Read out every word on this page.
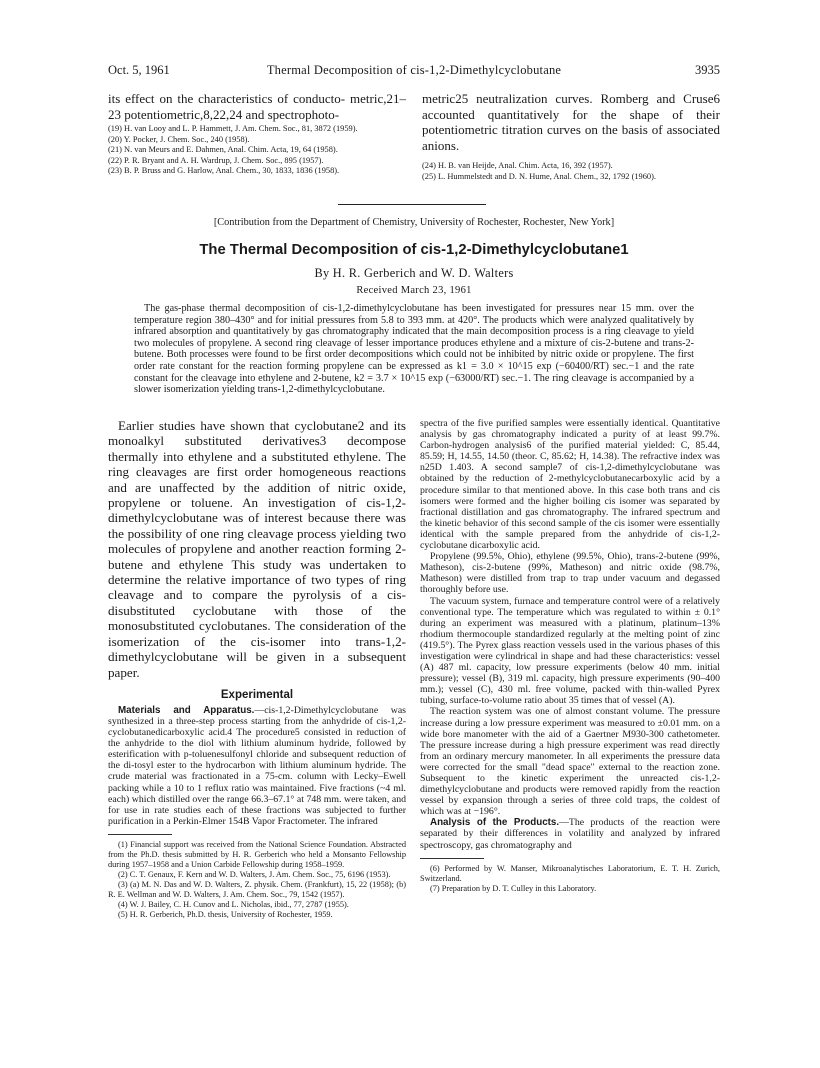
Oct. 5, 1961	Thermal Decomposition of cis-1,2-Dimethylcyclobutane	3935

its effect on the characteristics of conducto- metric,21–23 potentiometric,8,22,24 and spectrophoto-

(19) H. van Looy and L. P. Hammett, J. Am. Chem. Soc., 81, 3872 (1959).
(20) Y. Pocker, J. Chem. Soc., 240 (1958).
(21) N. van Meurs and E. Dahmen, Anal. Chim. Acta, 19, 64 (1958).
(22) P. R. Bryant and A. H. Wardrup, J. Chem. Soc., 895 (1957).
(23) B. P. Bruss and G. Harlow, Anal. Chem., 30, 1833, 1836 (1958).

metric25 neutralization curves. Romberg and Cruse6 accounted quantitatively for the shape of their potentiometric titration curves on the basis of associated anions.

(24) H. B. van Heijde, Anal. Chim. Acta, 16, 392 (1957).
(25) L. Hummelstedt and D. N. Hume, Anal. Chem., 32, 1792 (1960).
[Contribution from the Department of Chemistry, University of Rochester, Rochester, New York]
The Thermal Decomposition of cis-1,2-Dimethylcyclobutane1
By H. R. Gerberich and W. D. Walters
Received March 23, 1961

The gas-phase thermal decomposition of cis-1,2-dimethylcyclobutane has been investigated for pressures near 15 mm. over the temperature region 380–430° and for initial pressures from 5.8 to 393 mm. at 420°. The products which were analyzed qualitatively by infrared absorption and quantitatively by gas chromatography indicated that the main decomposition process is a ring cleavage to yield two molecules of propylene. A second ring cleavage of lesser importance produces ethylene and a mixture of cis-2-butene and trans-2-butene. Both processes were found to be first order decompositions which could not be inhibited by nitric oxide or propylene. The first order rate constant for the reaction forming propylene can be expressed as k1 = 3.0 × 10^15 exp (−60400/RT) sec.−1 and the rate constant for the cleavage into ethylene and 2-butene, k2 = 3.7 × 10^15 exp (−63000/RT) sec.−1. The ring cleavage is accompanied by a slower isomerization yielding trans-1,2-dimethylcyclobutane.

Earlier studies have shown that cyclobutane2 and its monoalkyl substituted derivatives3 decompose thermally into ethylene and a substituted ethylene. The ring cleavages are first order homogeneous reactions and are unaffected by the addition of nitric oxide, propylene or toluene. An investigation of cis-1,2-dimethylcyclobutane was of interest because there was the possibility of one ring cleavage process yielding two molecules of propylene and another reaction forming 2-butene and ethylene This study was undertaken to determine the relative importance of two types of ring cleavage and to compare the pyrolysis of a cis-disubstituted cyclobutane with those of the monosubstituted cyclobutanes. The consideration of the isomerization of the cis-isomer into trans-1,2-dimethylcyclobutane will be given in a subsequent paper.

Experimental

Materials and Apparatus.—cis-1,2-Dimethylcyclobutane was synthesized in a three-step process starting from the anhydride of cis-1,2-cyclobutanedicarboxylic acid.4 The procedure5 consisted in reduction of the anhydride to the diol with lithium aluminum hydride, followed by esterification with p-toluenesulfonyl chloride and subsequent reduction of the di-tosyl ester to the hydrocarbon with lithium aluminum hydride. The crude material was fractionated in a 75-cm. column with Lecky–Ewell packing while a 10 to 1 reflux ratio was maintained. Five fractions (~4 ml. each) which distilled over the range 66.3–67.1° at 748 mm. were taken, and for use in rate studies each of these fractions was subjected to further purification in a Perkin-Elmer 154B Vapor Fractometer. The infrared

(1) Financial support was received from the National Science Foundation. Abstracted from the Ph.D. thesis submitted by H. R. Gerberich who held a Monsanto Fellowship during 1957–1958 and a Union Carbide Fellowship during 1958–1959.

(2) C. T. Genaux, F. Kern and W. D. Walters, J. Am. Chem. Soc., 75, 6196 (1953).

(3) (a) M. N. Das and W. D. Walters, Z. physik. Chem. (Frankfurt), 15, 22 (1958); (b) R. E. Wellman and W. D. Walters, J. Am. Chem. Soc., 79, 1542 (1957).

(4) W. J. Bailey, C. H. Cunov and L. Nicholas, ibid., 77, 2787 (1955).

(5) H. R. Gerberich, Ph.D. thesis, University of Rochester, 1959.

spectra of the five purified samples were essentially identical. Quantitative analysis by gas chromatography indicated a purity of at least 99.7%. Carbon-hydrogen analysis6 of the purified material yielded: C, 85.44, 85.59; H, 14.55, 14.50 (theor. C, 85.62; H, 14.38). The refractive index was n25D 1.403. A second sample7 of cis-1,2-dimethylcyclobutane was obtained by the reduction of 2-methylcyclobutanecarboxylic acid by a procedure similar to that mentioned above. In this case both trans and cis isomers were formed and the higher boiling cis isomer was separated by fractional distillation and gas chromatography. The infrared spectrum and the kinetic behavior of this second sample of the cis isomer were essentially identical with the sample prepared from the anhydride of cis-1,2-cyclobutane dicarboxylic acid.

Propylene (99.5%, Ohio), ethylene (99.5%, Ohio), trans-2-butene (99%, Matheson), cis-2-butene (99%, Matheson) and nitric oxide (98.7%, Matheson) were distilled from trap to trap under vacuum and degassed thoroughly before use.

The vacuum system, furnace and temperature control were of a relatively conventional type. The temperature which was regulated to within ± 0.1° during an experiment was measured with a platinum, platinum–13% rhodium thermocouple standardized regularly at the melting point of zinc (419.5°). The Pyrex glass reaction vessels used in the various phases of this investigation were cylindrical in shape and had these characteristics: vessel (A) 487 ml. capacity, low pressure experiments (below 40 mm. initial pressure); vessel (B), 319 ml. capacity, high pressure experiments (90–400 mm.); vessel (C), 430 ml. free volume, packed with thin-walled Pyrex tubing, surface-to-volume ratio about 35 times that of vessel (A).

The reaction system was one of almost constant volume. The pressure increase during a low pressure experiment was measured to ±0.01 mm. on a wide bore manometer with the aid of a Gaertner M930-300 cathetometer. The pressure increase during a high pressure experiment was read directly from an ordinary mercury manometer. In all experiments the pressure data were corrected for the small "dead space" external to the reaction zone. Subsequent to the kinetic experiment the unreacted cis-1,2-dimethylcyclobutane and products were removed rapidly from the reaction vessel by expansion through a series of three cold traps, the coldest of which was at −196°.

Analysis of the Products.—The products of the reaction were separated by their differences in volatility and analyzed by infrared spectroscopy, gas chromatography and

(6) Performed by W. Manser, Mikroanalytisches Laboratorium, E. T. H. Zurich, Switzerland.

(7) Preparation by D. T. Culley in this Laboratory.
